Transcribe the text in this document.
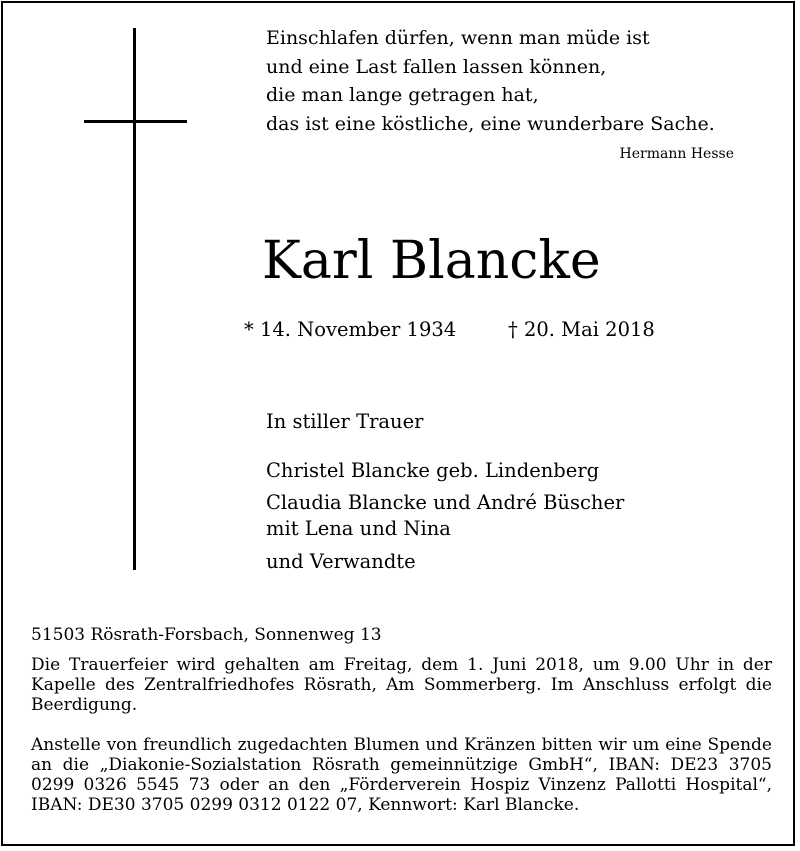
Einschlafen dürfen, wenn man müde ist
und eine Last fallen lassen können,
die man lange getragen hat,
das ist eine köstliche, eine wunderbare Sache.
Hermann Hesse
Karl Blancke
* 14. November 1934	† 20. Mai 2018
In stiller Trauer
Christel Blancke geb. Lindenberg
Claudia Blancke und André Büscher
mit Lena und Nina
und Verwandte
51503 Rösrath-Forsbach, Sonnenweg 13
Die Trauerfeier wird gehalten am Freitag, dem 1. Juni 2018, um 9.00 Uhr in der Kapelle des Zentralfriedhofes Rösrath, Am Sommerberg. Im Anschluss erfolgt die Beerdigung.
Anstelle von freundlich zugedachten Blumen und Kränzen bitten wir um eine Spende an die „Diakonie-Sozialstation Rösrath gemeinnützige GmbH“, IBAN: DE23 3705 0299 0326 5545 73 oder an den „Förderverein Hospiz Vinzenz Pallotti Hospital“, IBAN: DE30 3705 0299 0312 0122 07, Kennwort: Karl Blancke.
